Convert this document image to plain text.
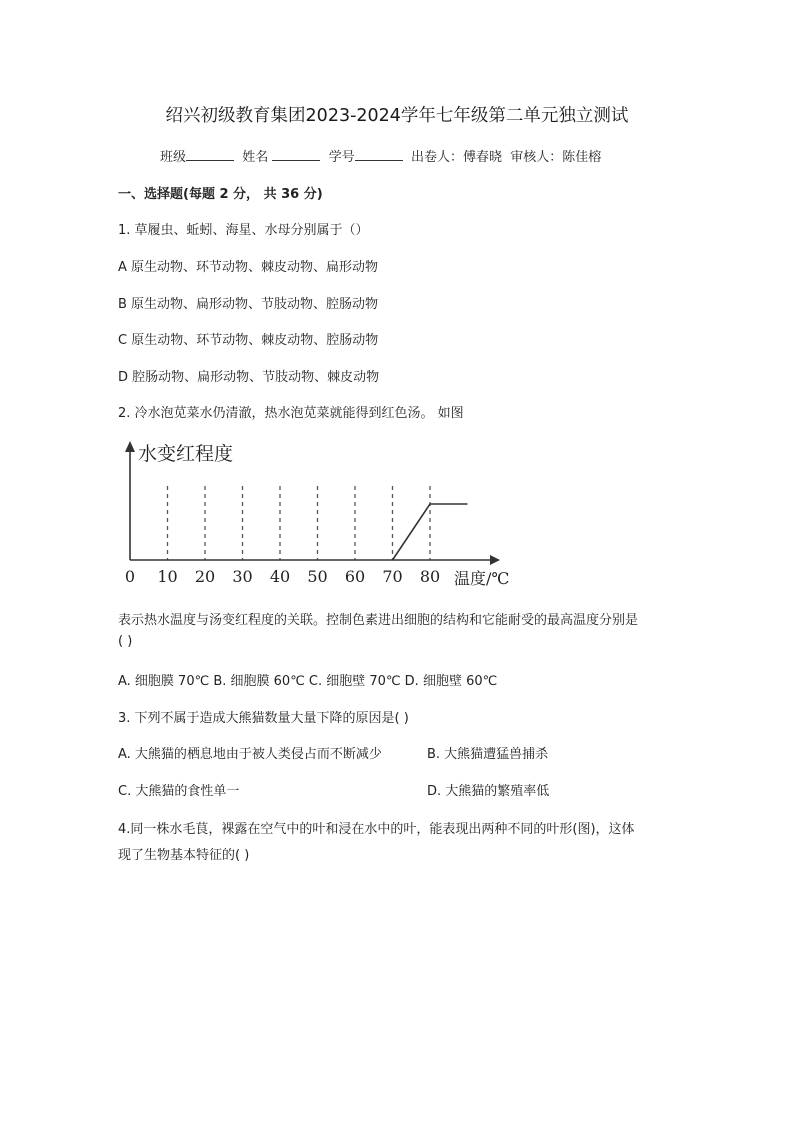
绍兴初级教育集团2023-2024学年七年级第二单元独立测试
班级	姓名	学号	出卷人：傅春晓 审核人：陈佳榕
一、选择题(每题 2 分， 共 36 分)
1. 草履虫、蚯蚓、海星、水母分别属于（）
A 原生动物、环节动物、棘皮动物、扁形动物
B 原生动物、扁形动物、节肢动物、腔肠动物
C 原生动物、环节动物、棘皮动物、腔肠动物
D 腔肠动物、扁形动物、节肢动物、棘皮动物
2. 冷水泡苋菜水仍清澈，热水泡苋菜就能得到红色汤。 如图
水变红程度
温度/℃
0 10 20 30 40 50 60 70 80
表示热水温度与汤变红程度的关联。控制色素进出细胞的结构和它能耐受的最高温度分别是
( )
A. 细胞膜 70℃ B. 细胞膜 60℃ C. 细胞壁 70℃ D. 细胞壁 60℃
3. 下列不属于造成大熊猫数量大量下降的原因是( )
A. 大熊猫的栖息地由于被人类侵占而不断减少	B. 大熊猫遭猛兽捕杀
C. 大熊猫的食性单一	D. 大熊猫的繁殖率低
4.同一株水毛茛，裸露在空气中的叶和浸在水中的叶，能表现出两种不同的叶形(图)，这体
现了生物基本特征的( )
